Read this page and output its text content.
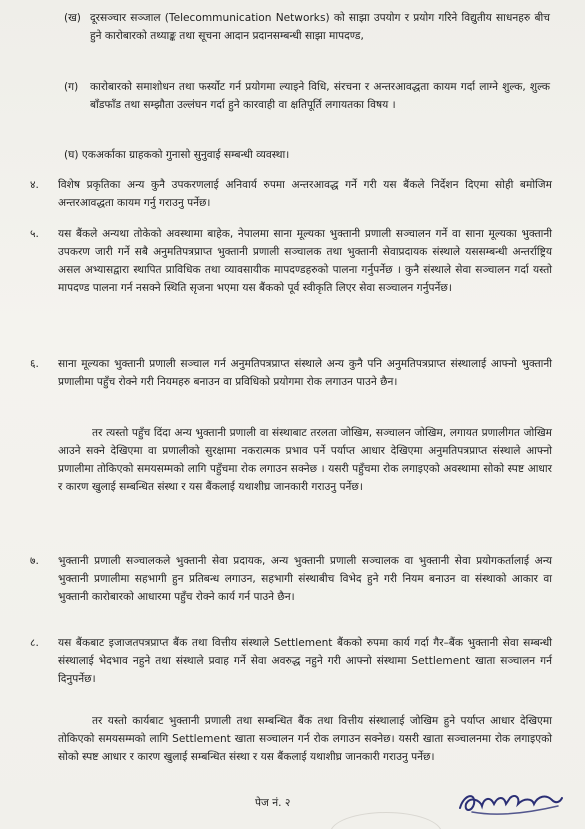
(ख) दूरसञ्चार सञ्जाल (Telecommunication Networks) को साझा उपयोग र प्रयोग गरिने विद्युतीय साधनहरु बीच हुने कारोबारको तथ्याङ्क तथा सूचना आदान प्रदानसम्बन्धी साझा मापदण्ड,
(ग) कारोबारको समाशोधन तथा फर्स्योट गर्न प्रयोगमा ल्याइने विधि, संरचना र अन्तरआवद्धता कायम गर्दा लाग्ने शुल्क, शुल्क बाँडफाँड तथा सम्झौता उल्लंघन गर्दा हुने कारवाही वा क्षतिपूर्ति लगायतका विषय ।
(घ) एकअर्काका ग्राहकको गुनासो सुनुवाई सम्बन्धी व्यवस्था।
४. विशेष प्रकृतिका अन्य कुनै उपकरणलाई अनिवार्य रुपमा अन्तरआवद्ध गर्ने गरी यस बैंकले निर्देशन दिएमा सोही बमोजिम अन्तरआवद्धता कायम गर्नु गराउनु पर्नेछ।
५. यस बैंकले अन्यथा तोकेको अवस्थामा बाहेक, नेपालमा साना मूल्यका भुक्तानी प्रणाली सञ्चालन गर्ने वा साना मूल्यका भुक्तानी उपकरण जारी गर्ने सबै अनुमतिपत्रप्राप्त भुक्तानी प्रणाली सञ्चालक तथा भुक्तानी सेवाप्रदायक संस्थाले यससम्बन्धी अन्तर्राष्ट्रिय असल अभ्यासद्वारा स्थापित प्राविधिक तथा व्यावसायीक मापदण्डहरुको पालना गर्नुपर्नेछ । कुनै संस्थाले सेवा सञ्चालन गर्दा यस्तो मापदण्ड पालना गर्न नसक्ने स्थिति सृजना भएमा यस बैंकको पूर्व स्वीकृति लिएर सेवा सञ्चालन गर्नुपर्नेछ।
६. साना मूल्यका भुक्तानी प्रणाली सञ्चाल गर्न अनुमतिपत्रप्राप्त संस्थाले अन्य कुनै पनि अनुमतिपत्रप्राप्त संस्थालाई आफ्नो भुक्तानी प्रणालीमा पहुँच रोक्ने गरी नियमहरु बनाउन वा प्रविधिको प्रयोगमा रोक लगाउन पाउने छैन।
तर त्यस्तो पहुँच दिंदा अन्य भुक्तानी प्रणाली वा संस्थाबाट तरलता जोखिम, सञ्चालन जोखिम, लगायत प्रणालीगत जोखिम आउने सक्ने देखिएमा वा प्रणालीको सुरक्षामा नकरात्मक प्रभाव पर्ने पर्याप्त आधार देखिएमा अनुमतिपत्रप्राप्त संस्थाले आफ्नो प्रणालीमा तोकिएको समयसम्मको लागि पहुँचमा रोक लगाउन सक्नेछ । यसरी पहुँचमा रोक लगाइएको अवस्थामा सोको स्पष्ट आधार र कारण खुलाई सम्बन्धित संस्था र यस बैंकलाई यथाशीघ्र जानकारी गराउनु पर्नेछ।
७. भुक्तानी प्रणाली सञ्चालकले भुक्तानी सेवा प्रदायक, अन्य भुक्तानी प्रणाली सञ्चालक वा भुक्तानी सेवा प्रयोगकर्तालाई अन्य भुक्तानी प्रणालीमा सहभागी हुन प्रतिबन्ध लगाउन, सहभागी संस्थाबीच विभेद हुने गरी नियम बनाउन वा संस्थाको आकार वा भुक्तानी कारोबारको आधारमा पहुँच रोक्ने कार्य गर्न पाउने छैन।
८. यस बैंकबाट इजाजतपत्रप्राप्त बैंक तथा वित्तीय संस्थाले Settlement बैंकको रुपमा कार्य गर्दा गैर–बैंक भुक्तानी सेवा सम्बन्धी संस्थालाई भेदभाव नहुने तथा संस्थाले प्रवाह गर्ने सेवा अवरुद्ध नहुने गरी आफ्नो संस्थामा Settlement खाता सञ्चालन गर्न दिनुपर्नेछ।
तर यस्तो कार्यबाट भुक्तानी प्रणाली तथा सम्बन्धित बैंक तथा वित्तीय संस्थालाई जोखिम हुने पर्याप्त आधार देखिएमा तोकिएको समयसम्मको लागि Settlement खाता सञ्चालन गर्न रोक लगाउन सक्नेछ। यसरी खाता सञ्चालनमा रोक लगाइएको सोको स्पष्ट आधार र कारण खुलाई सम्बन्धित संस्था र यस बैंकलाई यथाशीघ्र जानकारी गराउनु पर्नेछ।
पेज नं. २
